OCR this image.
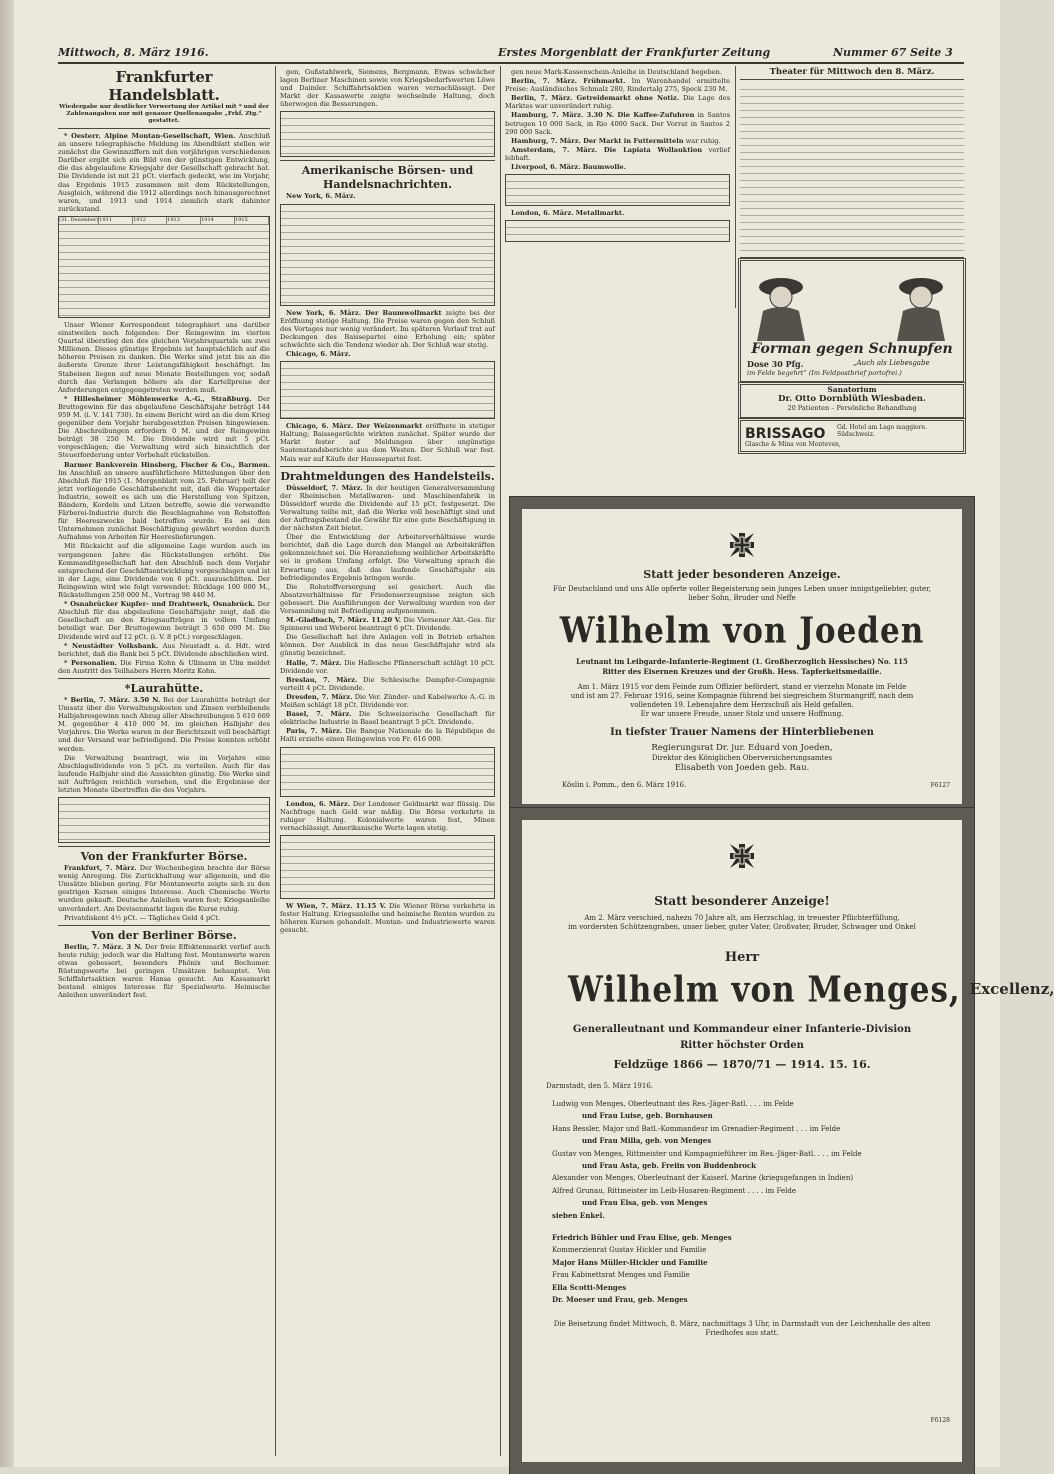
Mittwoch, 8. März 1916.	Erstes Morgenblatt der Frankfurter Zeitung	Nummer 67 Seite 3
Frankfurter Handelsblatt.
Wiedergabe nur deutlicher Verwertung der Artikel mit * und der Zahlenangaben nur mit genauer Quellenangabe „Frkf. Ztg.“ gestattet.

* Oesterr. Alpine Montan-Gesellschaft, Wien. Anschluß an unsere telegraphische Meldung im Abendblatt stellen wir zunächst die Gewinnziffern mit den vorjährigen verschiedenen Darüber ergibt sich ein Bild von der günstigen Entwicklung, die das abgelaufene Kriegsjahr der Gesellschaft gebracht hat. Die Dividende ist mit 21 pCt. vierfach gedeckt, wie im Vorjahr, das Ergebnis 1915 zusammen mit dem Rückstellungen, Ausgleich, während die 1912 allerdings noch hinausgerechnet waren, und 1913 und 1914 ziemlich stark dahinter zurückstand.

(31. Dezember) 1911	1912	1913	1914	1915

Unser Wiener Korrespondent telegraphiert uns darüber einstweilen noch folgendes: Der Reingewinn im vierten Quartal überstieg den des gleichen Vorjahrsquartals um zwei Millionen. Dieses günstige Ergebnis ist hauptsächlich auf die höheren Preisen zu danken. Die Werke sind jetzt bis an die äußerste Grenze ihrer Leistungsfähigkeit beschäftigt. Im Stabeisen liegen auf neue Monate Bestellungen vor, sodaß durch das Verlangen höhere als der Kartellpreise der Anforderungen entgegengetreten werden muß.

* Hillesheimer Möhlenwerke A.-G., Straßburg. Der Bruttogewinn für das abgelaufene Geschäftsjahr beträgt 144 959 M. (i. V. 141 730). In einem Bericht wird an die dem Krieg gegenüber dem Vorjahr herabgesetzten Preisen hingewiesen. Die Abschreibungen erfordern 0 M. und der Reingewinn beträgt 38 250 M. Die Dividende wird mit 5 pCt. vorgeschlagen; die Verwaltung wird sich hinsichtlich der Steuerforderung unter Vorbehalt rückstellen.

Barmer Bankverein Hinsberg, Fischer & Co., Barmen. Im Anschluß an unsere ausführlichere Mitteilungen über den Abschluß für 1915 (1. Morgenblatt vom 25. Februar) teilt der jetzt vorliegende Geschäftsbericht mit, daß die Wuppertaler Industrie, soweit es sich um die Herstellung von Spitzen, Bändern, Kordeln und Litzen betreffe, sowie die verwandte Färberei-Industrie durch die Beschlagnahme von Rohstoffen für Heereszwecke bald betroffen wurde. Es sei den Unternehmen zunächst Beschäftigung gewährt worden durch Aufnahme von Arbeiten für Heereslieferungen.

Mit Rücksicht auf die allgemeine Lage wurden auch im vergangenen Jahre die Rückstellungen erhöht. Die Kommanditgesellschaft hat den Abschluß nach dem Vorjahr entsprechend der Geschäftsentwicklung vorgeschlagen und ist in der Lage, eine Dividende von 6 pCt. auszuschütten. Der Reingewinn wird wie folgt verwendet: Rücklage 100 000 M., Rückstellungen 250 000 M., Vortrag 98 440 M.

* Osnabrücker Kupfer- und Drahtwerk, Osnabrück. Der Abschluß für das abgelaufene Geschäftsjahr zeigt, daß die Gesellschaft an den Kriegsaufträgen in vollem Umfang beteiligt war. Der Bruttogewinn beträgt 3 650 000 M. Die Dividende wird auf 12 pCt. (i. V. 8 pCt.) vorgeschlagen.

* Neustädter Volksbank. Aus Neustadt a. d. Hdt. wird berichtet, daß die Bank bei 5 pCt. Dividende abschließen wird.

* Personalien. Die Firma Kohn & Ullmann in Ulm meldet den Austritt des Teilhabers Herrn Moritz Kohn.

*Laurahütte.

* Berlin, 7. März. 3.50 N. Bei der Laurahütte beträgt der Umsatz über die Verwaltungskosten und Zinsen verbleibende Halbjahresgewinn nach Abzug aller Abschreibungen 5 610 669 M. gegenüber 4 410 000 M. im gleichen Halbjahr des Vorjahres. Die Werke waren in der Berichtszeit voll beschäftigt und der Versand war befriedigend. Die Preise konnten erhöht werden.

Die Verwaltung beantragt, wie im Vorjahre eine Abschlagsdividende von 5 pCt. zu verteilen. Auch für das laufende Halbjahr sind die Aussichten günstig. Die Werke sind mit Aufträgen reichlich versehen, und die Ergebnisse der letzten Monate übertreffen die des Vorjahrs.

Von der Frankfurter Börse.

Frankfurt, 7. März. Der Wochenbeginn brachte der Börse wenig Anregung. Die Zurückhaltung war allgemein, und die Umsätze blieben gering. Für Montanwerte zeigte sich zu den gestrigen Kursen einiges Interesse. Auch Chemische Werte wurden gekauft. Deutsche Anleihen waren fest; Kriegsanleihe unverändert. Am Devisenmarkt lagen die Kurse ruhig.

Privatdiskont 4½ pCt. — Tägliches Geld 4 pCt.

Von der Berliner Börse.

Berlin, 7. März. 3 N. Der freie Effektenmarkt verlief auch heute ruhig; jedoch war die Haltung fest. Montanwerte waren etwas gebessert, besonders Phönix und Bochumer. Rüstungswerte bei geringen Umsätzen behauptet. Von Schiffahrtsaktien waren Hansa gesucht. Am Kassamarkt bestand einiges Interesse für Spezialwerte. Heimische Anleihen unverändert fest.

gen, Gußstahlwerk, Siemens, Bergmann. Etwas schwächer lagen Berliner Maschinen sowie von Kriegsbedarfswerten Löwe und Daimler. Schiffahrtsaktien waren vernachlässigt. Der Markt der Kassawerte zeigte wechselnde Haltung, doch überwogen die Besserungen.

Amerikanische Börsen- und Handelsnachrichten.

New York, 6. März.

New York, 6. März. Der Baumwollmarkt zeigte bei der Eröffnung stetige Haltung. Die Preise waren gegen den Schluß des Vortages nur wenig verändert. Im späteren Verlauf trat auf Deckungen des Baissepartei eine Erholung ein; später schwächte sich die Tendenz wieder ab. Der Schluß war stetig.

Chicago, 6. März.

Chicago, 6. März. Der Weizenmarkt eröffnete in stetiger Haltung; Baissegerüchte wirkten zunächst. Später wurde der Markt fester auf Meldungen über ungünstige Saatenstandsberichte aus dem Westen. Der Schluß war fest. Mais war auf Käufe der Haussepartei fest.

Drahtmeldungen des Handelsteils.

Düsseldorf, 7. März. In der heutigen Generalversammlung der Rheinischen Metallwaren- und Maschinenfabrik in Düsseldorf wurde die Dividende auf 15 pCt. festgesetzt. Die Verwaltung teilte mit, daß die Werke voll beschäftigt sind und der Auftragsbestand die Gewähr für eine gute Beschäftigung in der nächsten Zeit bietet.

Über die Entwicklung der Arbeiterverhältnisse wurde berichtet, daß die Lage durch den Mangel an Arbeitskräften gekennzeichnet sei. Die Heranziehung weiblicher Arbeitskräfte sei in großem Umfang erfolgt. Die Verwaltung sprach die Erwartung aus, daß das laufende Geschäftsjahr ein befriedigendes Ergebnis bringen werde.

Die Rohstoffversorgung sei gesichert. Auch die Absatzverhältnisse für Friedenserzeugnisse zeigten sich gebessert. Die Ausführungen der Verwaltung wurden von der Versammlung mit Befriedigung aufgenommen.

M.-Gladbach, 7. März. 11.20 V. Die Viersener Akt.-Ges. für Spinnerei und Weberei beantragt 6 pCt. Dividende.

Die Gesellschaft hat ihre Anlagen voll in Betrieb erhalten können. Der Ausblick in das neue Geschäftsjahr wird als günstig bezeichnet.

Halle, 7. März. Die Hallesche Pfännerschaft schlägt 10 pCt. Dividende vor.

Breslau, 7. März. Die Schlesische Dampfer-Compagnie verteilt 4 pCt. Dividende.

Dresden, 7. März. Die Ver. Zünder- und Kabelwerke A.-G. in Meißen schlägt 18 pCt. Dividende vor.

Basel, 7. März. Die Schweizerische Gesellschaft für elektrische Industrie in Basel beantragt 5 pCt. Dividende.

Paris, 7. März. Die Banque Nationale de la République de Haïti erzielte einen Reingewinn von Fr. 616 000.

London, 6. März. Der Londoner Geldmarkt war flüssig. Die Nachfrage nach Geld war mäßig. Die Börse verkehrte in ruhiger Haltung. Kolonialwerte waren fest, Minen vernachlässigt. Amerikanische Werte lagen stetig.

W Wien, 7. März. 11.15 V. Die Wiener Börse verkehrte in fester Haltung. Kriegsanleihe und heimische Renten wurden zu höheren Kursen gehandelt. Montan- und Industriewerte waren gesucht.

gen neue Mark-Kassenschein-Anleihe in Deutschland begeben.

Berlin, 7. März. Frühmarkt. Im Warenhandel ermittelte Preise: Ausländisches Schmalz 280, Rindertalg 275, Speck 230 M.

Berlin, 7. März. Getreidemarkt ohne Notiz. Die Lage des Marktes war unverändert ruhig.

Hamburg, 7. März. 3.30 N. Die Kaffee-Zufuhren in Santos betrugen 10 000 Sack, in Rio 4000 Sack. Der Vorrat in Santos 2 290 000 Sack.

Hamburg, 7. März. Der Markt in Futtermitteln war ruhig.

Amsterdam, 7. März. Die Lapiata Wollauktion verlief lebhaft.

Liverpool, 6. März. Baumwolle.

London, 6. März. Metallmarkt.

Theater für Mittwoch den 8. März.
Forman gegen Schnupfen
Dose 30 Pfg.	„Auch als Liebesgabe
im Felde begehrt“ (Im Feldpostbrief portofrei.)
Sanatorium
Dr. Otto Dornblüth Wiesbaden.
20 Patienten – Persönliche Behandlung
BRISSAGO Gd. Hotel am Lago maggiore. Südschweiz.
Glasche & Mina von Monteven,
Statt jeder besonderen Anzeige.
Für Deutschland und uns Alle opferte voller Begeisterung sein junges Leben unser innigstgeliebter, guter, lieber Sohn, Bruder und Neffe
Wilhelm von Joeden
Leutnant im Leibgarde-Infanterie-Regiment (1. Großherzoglich Hessisches) No. 115
Ritter des Eisernen Kreuzes und der Großh. Hess. Tapferkeitsmedaille.
Am 1. März 1915 vor dem Feinde zum Offizier befördert, stand er vierzehn Monate im Felde
und ist am 27. Februar 1916, seine Kompagnie führend bei siegreichem Sturmangriff, nach dem
vollendeten 19. Lebensjahre dem Herzschuß als Held gefallen.
Er war unsere Freude, unser Stolz und unsere Hoffnung.
In tiefster Trauer Namens der Hinterbliebenen
Regierungsrat Dr. jur. Eduard von Joeden,
Direktor des Königlichen Oberversicherungsamtes
Elisabeth von Joeden geb. Rau.
Köslin i. Pomm., den 6. März 1916.	F6127
Statt besonderer Anzeige!
Am 2. März verschied, nahezu 70 Jahre alt, am Herzschlag, in treuester Pflichterfüllung,
im vordersten Schützengraben, unser lieber, guter Vater, Großvater, Bruder, Schwager und Onkel
Herr
Wilhelm von Menges, Excellenz,
Generalleutnant und Kommandeur einer Infanterie-Division
Ritter höchster Orden
Feldzüge 1866 — 1870/71 — 1914. 15. 16.
Darmstadt, den 5. März 1916.
Ludwig von Menges, Oberleutnant des Res.-Jäger-Batl. . . . im Felde
und Frau Luise, geb. Bornhausen
Hans Bessler, Major und Batl.-Kommandeur im Grenadier-Regiment . . . im Felde
und Frau Milla, geb. von Menges
Gustav von Menges, Rittmeister und Kompagnieführer im Res.-Jäger-Batl. . . . im Felde
und Frau Asta, geb. Freiin von Buddenbrock
Alexander von Menges, Oberleutnant der Kaiserl. Marine (kriegsgefangen in Indien)
Alfred Grunau, Rittmeister im Leib-Husaren-Regiment . . . . im Felde
und Frau Elsa, geb. von Menges
sieben Enkel.
Friedrich Bühler und Frau Elise, geb. Menges
Kommerzienrat Gustav Hickler und Familie
Major Hans Müller-Hickler und Familie
Frau Kabinettsrat Menges und Familie
Ella Scotti-Menges
Dr. Moeser und Frau, geb. Menges
Die Beisetzung findet Mittwoch, 8. März, nachmittags 3 Uhr, in Darmstadt von der Leichenhalle des alten Friedhofes aus statt.
F6128
